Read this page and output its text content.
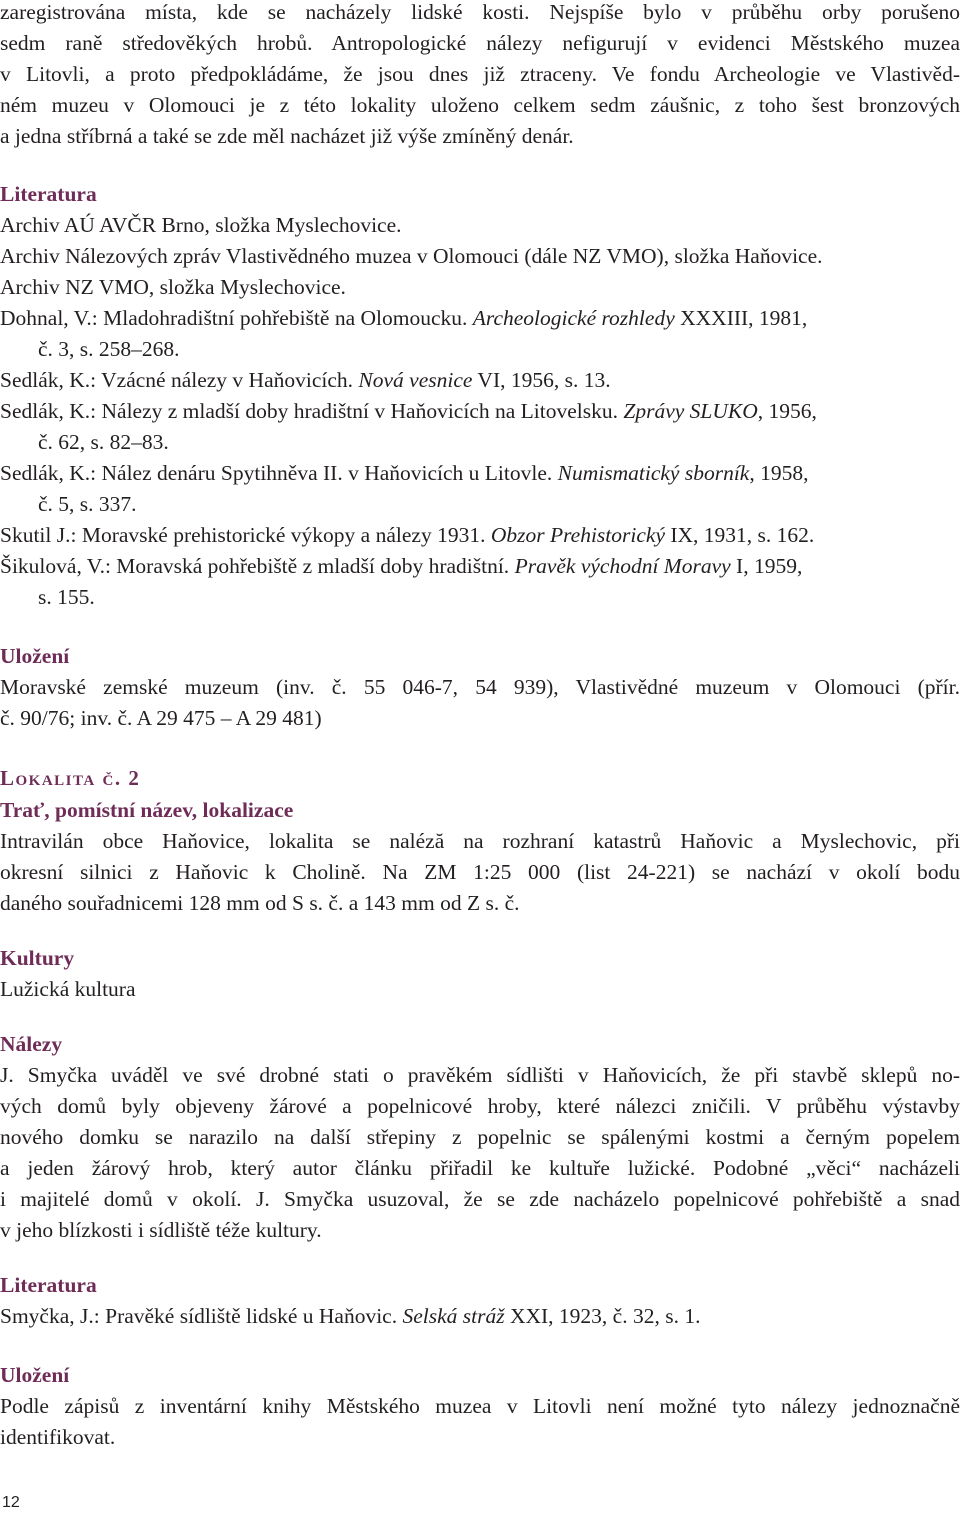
zaregistrována místa, kde se nacházely lidské kosti. Nejspíše bylo v průběhu orby porušeno
sedm raně středověkých hrobů. Antropologické nálezy nefigurují v evidenci Městského muzea
v Litovli, a proto předpokládáme, že jsou dnes již ztraceny. Ve fondu Archeologie ve Vlastivěd-
ném muzeu v Olomouci je z této lokality uloženo celkem sedm záušnic, z toho šest bronzových
a jedna stříbrná a také se zde měl nacházet již výše zmíněný denár.
Literatura
Archiv AÚ AVČR Brno, složka Myslechovice.
Archiv Nálezových zpráv Vlastivědného muzea v Olomouci (dále NZ VMO), složka Haňovice.
Archiv NZ VMO, složka Myslechovice.
Dohnal, V.: Mladohradištní pohřebiště na Olomoucku. Archeologické rozhledy XXXIII, 1981,
č. 3, s. 258–268.
Sedlák, K.: Vzácné nálezy v Haňovicích. Nová vesnice VI, 1956, s. 13.
Sedlák, K.: Nálezy z mladší doby hradištní v Haňovicích na Litovelsku. Zprávy SLUKO, 1956,
č. 62, s. 82–83.
Sedlák, K.: Nález denáru Spytihněva II. v Haňovicích u Litovle. Numismatický sborník, 1958,
č. 5, s. 337.
Skutil J.: Moravské prehistorické výkopy a nálezy 1931. Obzor Prehistorický IX, 1931, s. 162.
Šikulová, V.: Moravská pohřebiště z mladší doby hradištní. Pravěk východní Moravy I, 1959,
s. 155.
Uložení
Moravské zemské muzeum (inv. č. 55 046-7, 54 939), Vlastivědné muzeum v Olomouci (přír.
č. 90/76; inv. č. A 29 475 – A 29 481)
Lokalita č. 2
Trať, pomístní název, lokalizace
Intravilán obce Haňovice, lokalita se naléză na rozhraní katastrů Haňovic a Myslechovic, při
okresní silnici z Haňovic k Cholině. Na ZM 1:25 000 (list 24-221) se nachází v okolí bodu
daného souřadnicemi 128 mm od S s. č. a 143 mm od Z s. č.
Kultury
Lužická kultura
Nálezy
J. Smyčka uváděl ve své drobné stati o pravěkém sídlišti v Haňovicích, že při stavbě sklepů no-
vých domů byly objeveny žárové a popelnicové hroby, které nálezci zničili. V průběhu výstavby
nového domku se narazilo na další střepiny z popelnic se spálenými kostmi a černým popelem
a jeden žárový hrob, který autor článku přiřadil ke kultuře lužické. Podobné „věci“ nacházeli
i majitelé domů v okolí. J. Smyčka usuzoval, že se zde nacházelo popelnicové pohřebiště a snad
v jeho blízkosti i sídliště téže kultury.
Literatura
Smyčka, J.: Pravěké sídliště lidské u Haňovic. Selská stráž XXI, 1923, č. 32, s. 1.
Uložení
Podle zápisů z inventární knihy Městského muzea v Litovli není možné tyto nálezy jednoznačně
identifikovat.
12
